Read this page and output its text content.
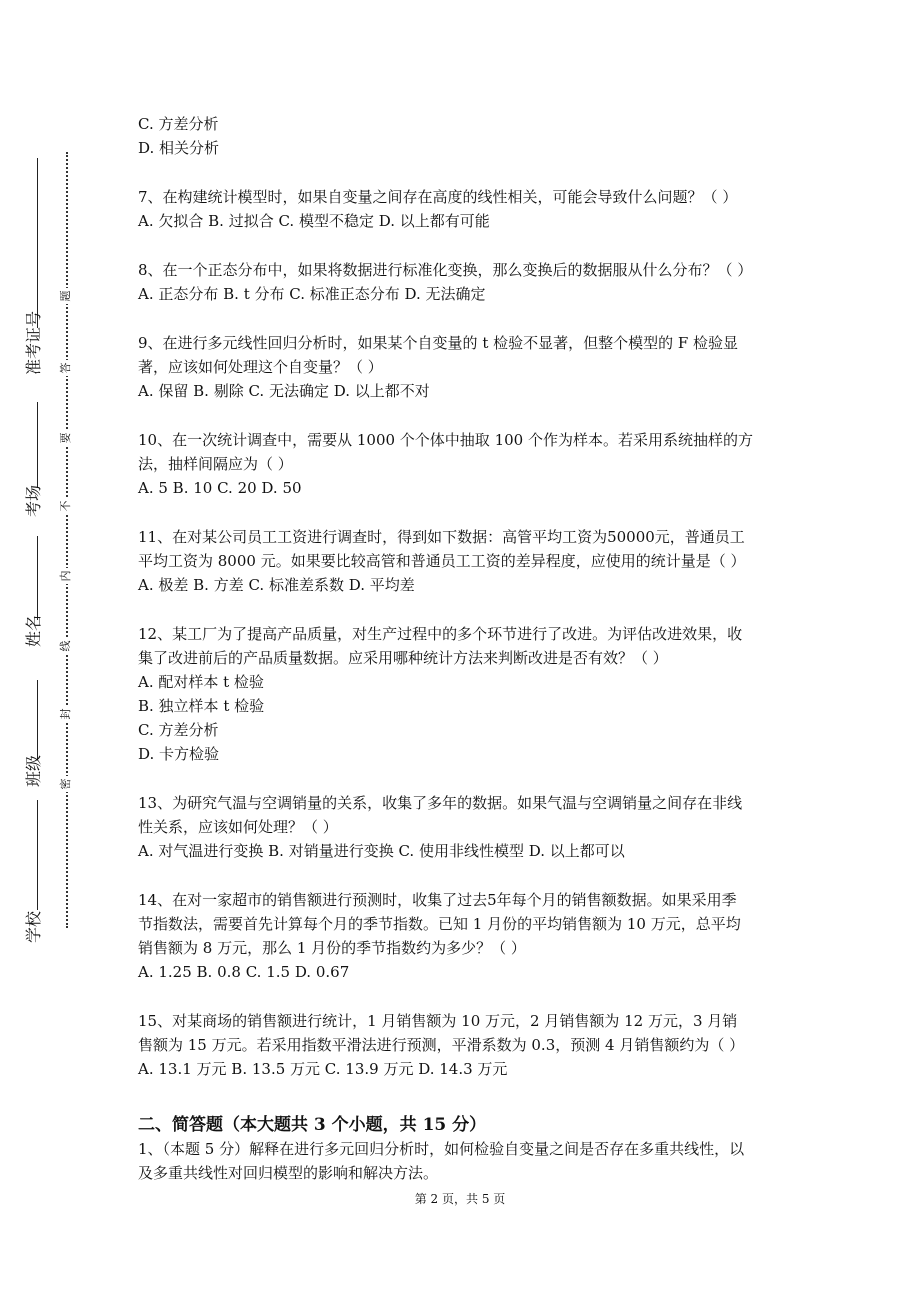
学校
班级
姓名
考场
准考证号
密
封
线
内
不
要
答
题
C. 方差分析
D. 相关分析
7、在构建统计模型时，如果自变量之间存在高度的线性相关，可能会导致什么问题？（ ）
A. 欠拟合 B. 过拟合 C. 模型不稳定 D. 以上都有可能
8、在一个正态分布中，如果将数据进行标准化变换，那么变换后的数据服从什么分布？（ ）
A. 正态分布 B. t 分布 C. 标准正态分布 D. 无法确定
9、在进行多元线性回归分析时，如果某个自变量的 t 检验不显著，但整个模型的 F 检验显
著，应该如何处理这个自变量？（ ）
A. 保留 B. 剔除 C. 无法确定 D. 以上都不对
10、在一次统计调查中，需要从 1000 个个体中抽取 100 个作为样本。若采用系统抽样的方
法，抽样间隔应为（ ）
A. 5 B. 10 C. 20 D. 50
11、在对某公司员工工资进行调查时，得到如下数据：高管平均工资为50000元，普通员工
平均工资为 8000 元。如果要比较高管和普通员工工资的差异程度，应使用的统计量是（ ）
A. 极差 B. 方差 C. 标准差系数 D. 平均差
12、某工厂为了提高产品质量，对生产过程中的多个环节进行了改进。为评估改进效果，收
集了改进前后的产品质量数据。应采用哪种统计方法来判断改进是否有效？（ ）
A. 配对样本 t 检验
B. 独立样本 t 检验
C. 方差分析
D. 卡方检验
13、为研究气温与空调销量的关系，收集了多年的数据。如果气温与空调销量之间存在非线
性关系，应该如何处理？（ ）
A. 对气温进行变换 B. 对销量进行变换 C. 使用非线性模型 D. 以上都可以
14、在对一家超市的销售额进行预测时，收集了过去5年每个月的销售额数据。如果采用季
节指数法，需要首先计算每个月的季节指数。已知 1 月份的平均销售额为 10 万元，总平均
销售额为 8 万元，那么 1 月份的季节指数约为多少？（ ）
A. 1.25 B. 0.8 C. 1.5 D. 0.67
15、对某商场的销售额进行统计，1 月销售额为 10 万元，2 月销售额为 12 万元，3 月销
售额为 15 万元。若采用指数平滑法进行预测，平滑系数为 0.3，预测 4 月销售额约为（ ）
A. 13.1 万元 B. 13.5 万元 C. 13.9 万元 D. 14.3 万元
二、简答题（本大题共 3 个小题，共 15 分）
1、（本题 5 分）解释在进行多元回归分析时，如何检验自变量之间是否存在多重共线性，以
及多重共线性对回归模型的影响和解决方法。
第 2 页，共 5 页
